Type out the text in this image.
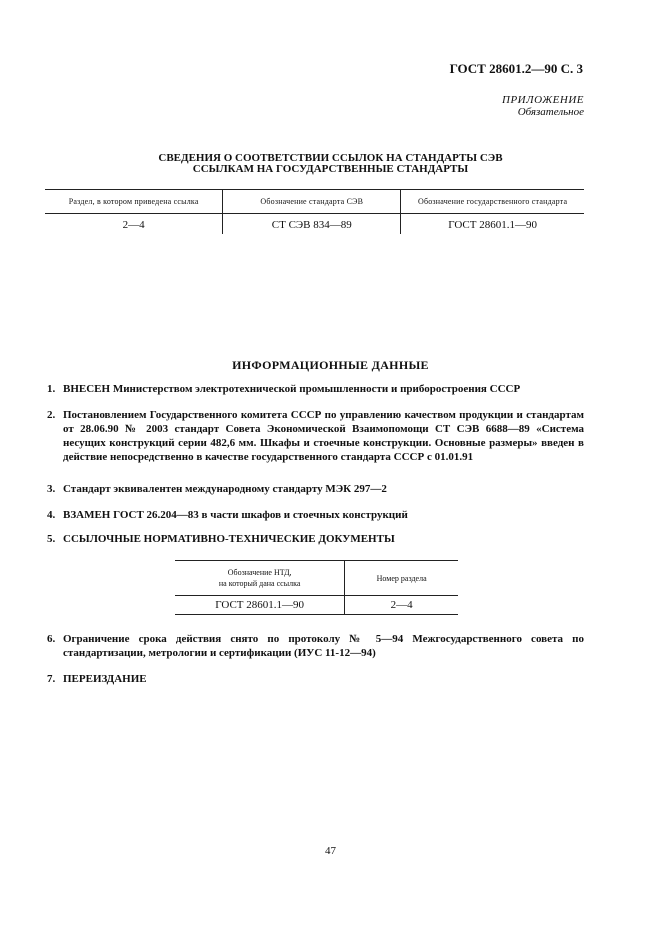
ГОСТ 28601.2—90 С. 3
ПРИЛОЖЕНИЕ
Обязательное
СВЕДЕНИЯ О СООТВЕТСТВИИ ССЫЛОК НА СТАНДАРТЫ СЭВ
ССЫЛКАМ НА ГОСУДАРСТВЕННЫЕ СТАНДАРТЫ
Раздел, в котором приведена ссылка	Обозначение стандарта СЭВ	Обозначение государственного стандарта
2—4	СТ СЭВ 834—89	ГОСТ 28601.1—90
ИНФОРМАЦИОННЫЕ ДАННЫЕ
1. ВНЕСЕН Министерством электротехнической промышленности и приборостроения СССР
2. Постановлением Государственного комитета СССР по управлению качеством продукции и стандартам от 28.06.90 № 2003 стандарт Совета Экономической Взаимопомощи СТ СЭВ 6688—89 «Система несущих конструкций серии 482,6 мм. Шкафы и стоечные конструкции. Основные размеры» введен в действие непосредственно в качестве государственного стандарта СССР с 01.01.91
3. Стандарт эквивалентен международному стандарту МЭК 297—2
4. ВЗАМЕН ГОСТ 26.204—83 в части шкафов и стоечных конструкций
5. ССЫЛОЧНЫЕ НОРМАТИВНО-ТЕХНИЧЕСКИЕ ДОКУМЕНТЫ
Обозначение НТД,
на который дана ссылка	Номер раздела
ГОСТ 28601.1—90	2—4
6. Ограничение срока действия снято по протоколу № 5—94 Межгосударственного совета по стандартизации, метрологии и сертификации (ИУС 11-12—94)
7. ПЕРЕИЗДАНИЕ
47
